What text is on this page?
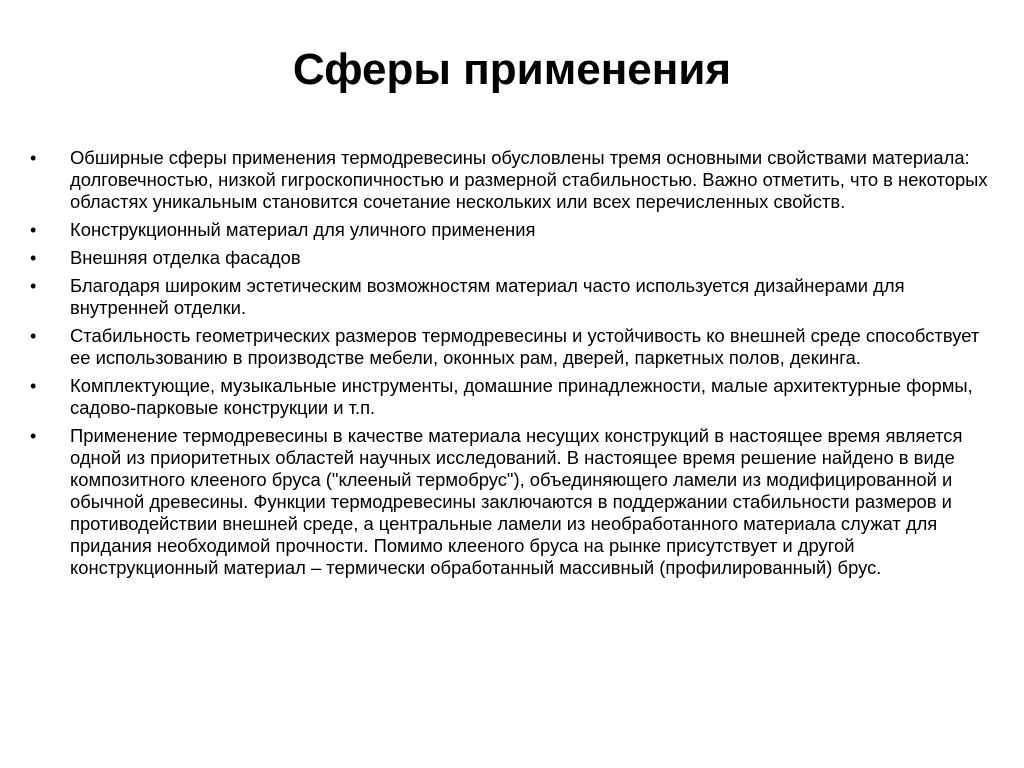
Сферы применения
•	Обширные сферы применения термодревесины обусловлены тремя основными свойствами материала: долговечностью, низкой гигроскопичностью и размерной стабильностью. Важно отметить, что в некоторых областях уникальным становится сочетание нескольких или всех перечисленных свойств.
•	Конструкционный материал для уличного применения
•	Внешняя отделка фасадов
•	Благодаря широким эстетическим возможностям материал часто используется дизайнерами для внутренней отделки.
•	Стабильность геометрических размеров термодревесины и устойчивость ко внешней среде способствует ее использованию в производстве мебели, оконных рам, дверей, паркетных полов, декинга.
•	Комплектующие, музыкальные инструменты, домашние принадлежности, малые архитектурные формы, садово-парковые конструкции и т.п.
•	Применение термодревесины в качестве материала несущих конструкций в настоящее время является одной из приоритетных областей научных исследований. В настоящее время решение найдено в виде композитного клееного бруса ("клееный термобрус"), объединяющего ламели из модифицированной и обычной древесины. Функции термодревесины заключаются в поддержании стабильности размеров и противодействии внешней среде, а центральные ламели из необработанного материала служат для придания необходимой прочности. Помимо клееного бруса на рынке присутствует и другой конструкционный материал – термически обработанный массивный (профилированный) брус.
